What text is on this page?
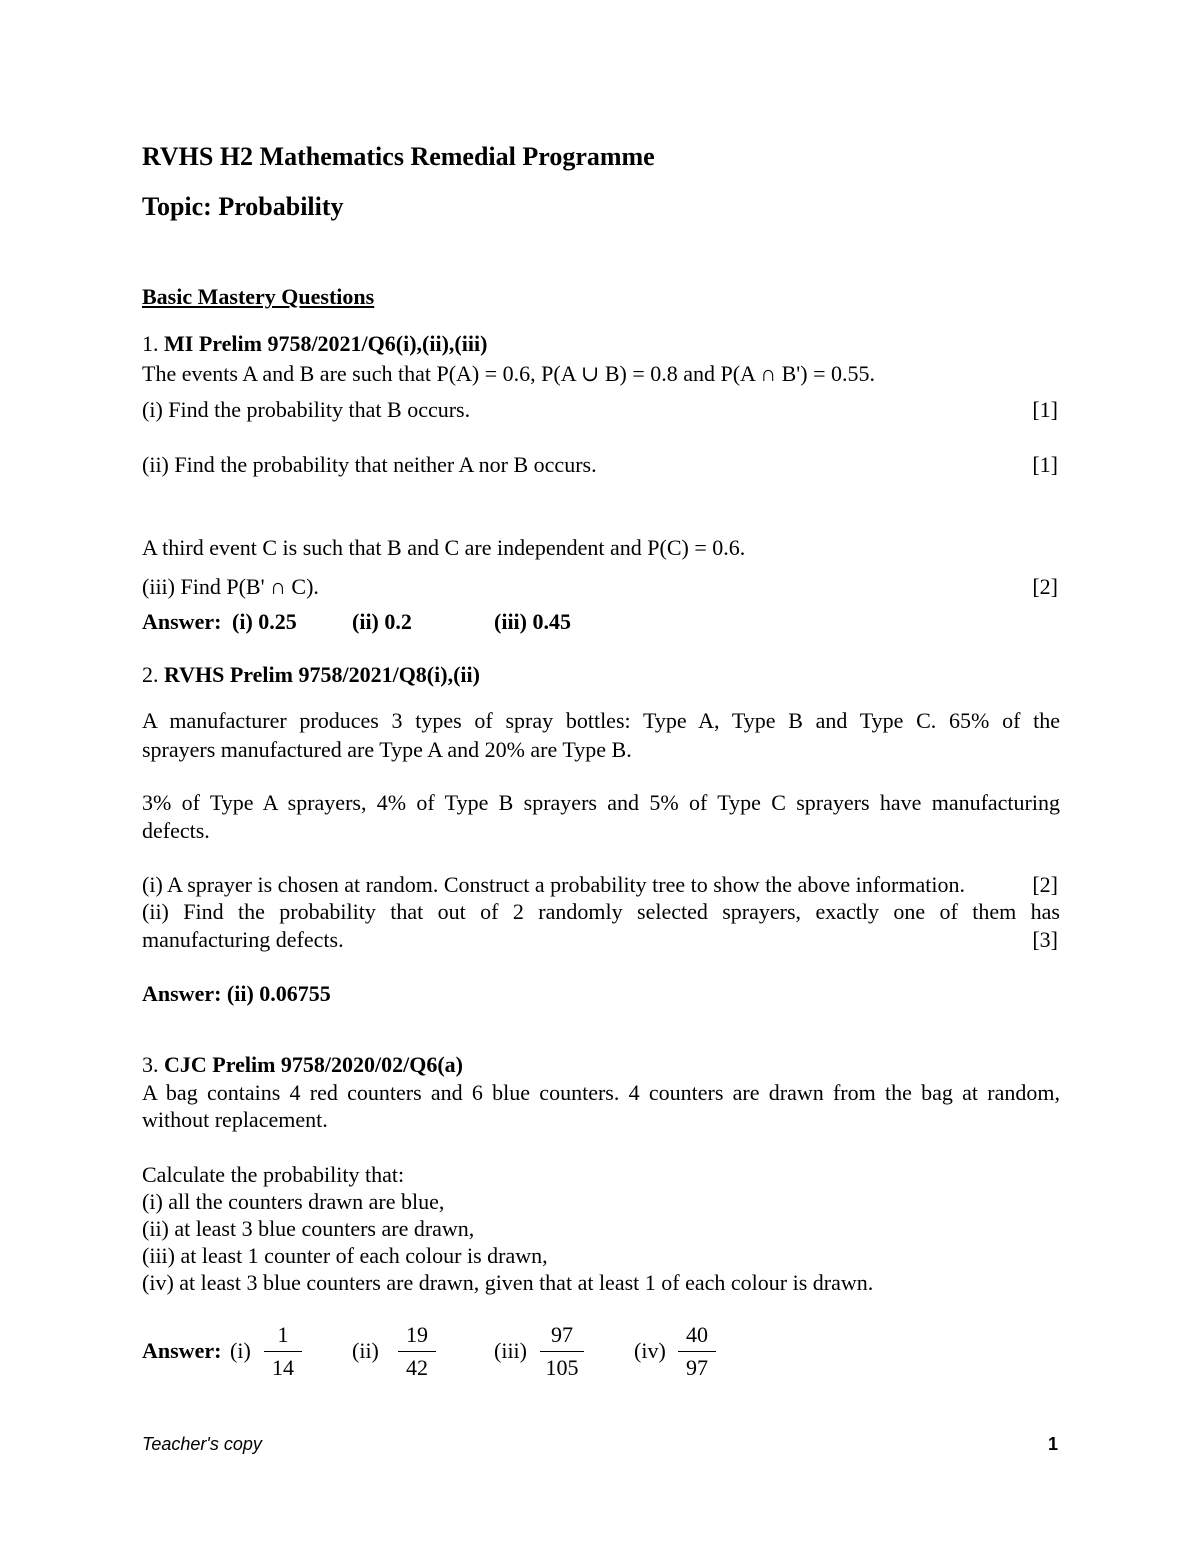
RVHS H2 Mathematics Remedial Programme
Topic: Probability
Basic Mastery Questions
1. MI Prelim 9758/2021/Q6(i),(ii),(iii)
The events A and B are such that P(A) = 0.6, P(A ∪ B) = 0.8 and P(A ∩ B') = 0.55.
(i) Find the probability that B occurs.	[1]
(ii) Find the probability that neither A nor B occurs.	[1]
A third event C is such that B and C are independent and P(C) = 0.6.
(iii) Find P(B' ∩ C).	[2]
Answer: (i) 0.25	(ii) 0.2	(iii) 0.45
2. RVHS Prelim 9758/2021/Q8(i),(ii)
A manufacturer produces 3 types of spray bottles: Type A, Type B and Type C. 65% of the
sprayers manufactured are Type A and 20% are Type B.
3% of Type A sprayers, 4% of Type B sprayers and 5% of Type C sprayers have manufacturing
defects.
(i) A sprayer is chosen at random. Construct a probability tree to show the above information.	[2]
(ii) Find the probability that out of 2 randomly selected sprayers, exactly one of them has
manufacturing defects.	[3]
Answer: (ii) 0.06755
3. CJC Prelim 9758/2020/02/Q6(a)
A bag contains 4 red counters and 6 blue counters. 4 counters are drawn from the bag at random,
without replacement.
Calculate the probability that:
(i) all the counters drawn are blue,
(ii) at least 3 blue counters are drawn,
(iii) at least 1 counter of each colour is drawn,
(iv) at least 3 blue counters are drawn, given that at least 1 of each colour is drawn.
Answer: (i)
1
14
(ii)
19
42
(iii)
97
105
(iv)
40
97
Teacher's copy	1
